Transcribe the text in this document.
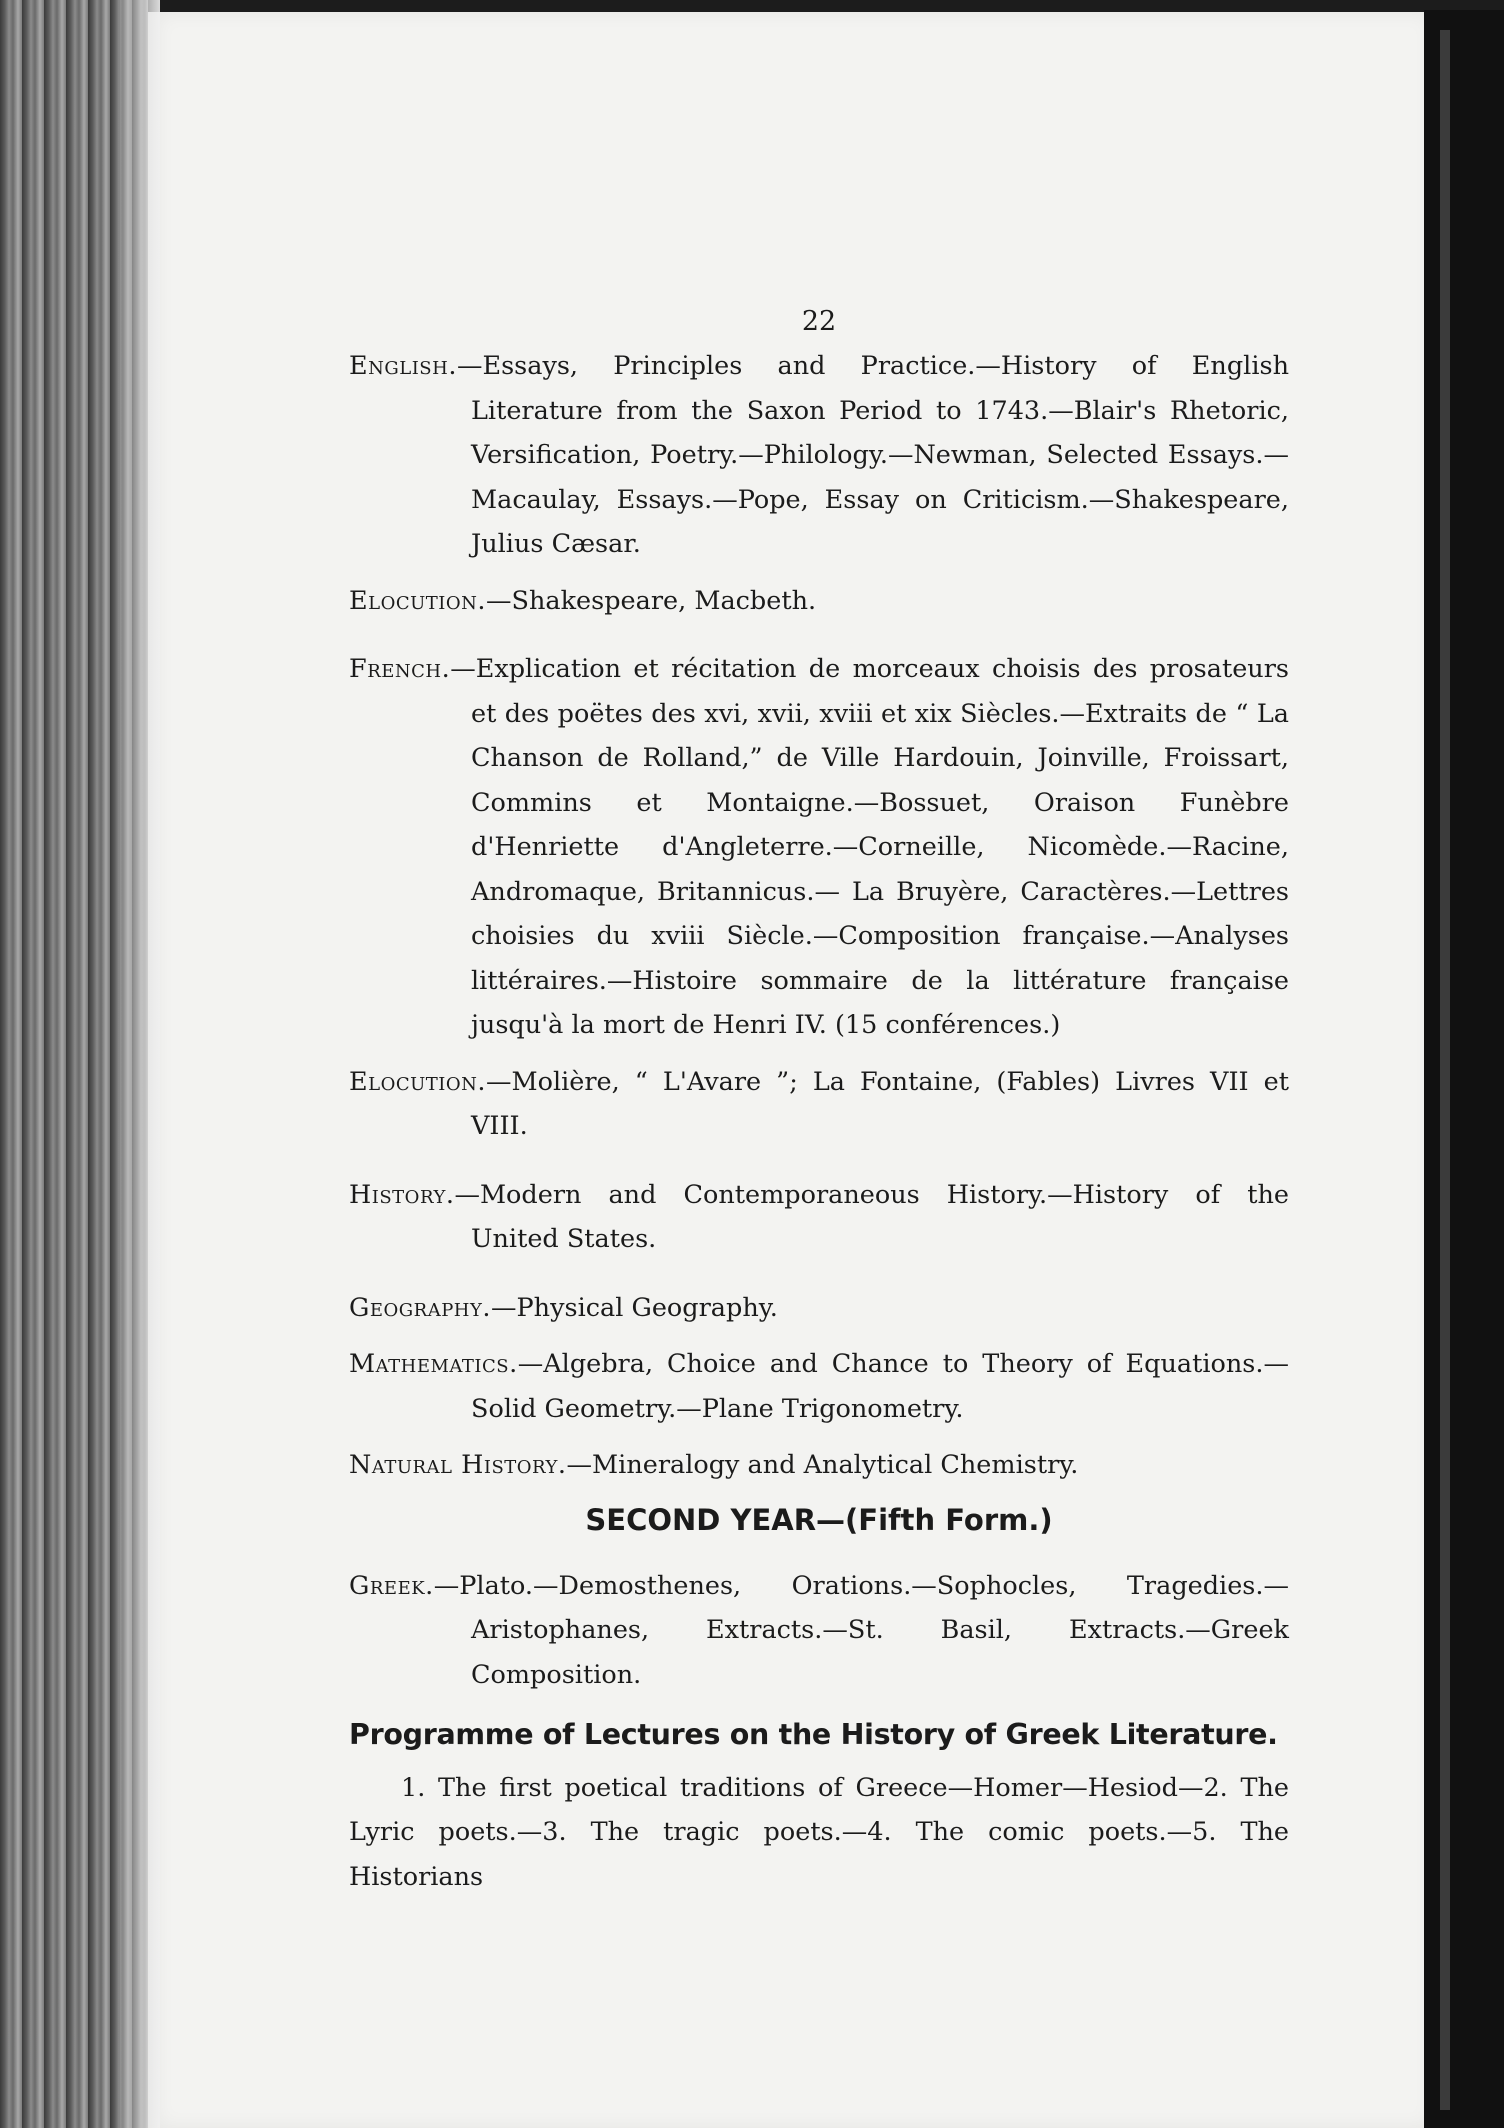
22

English.—Essays, Principles and Practice.—History of English Literature from the Saxon Period to 1743.—Blair's Rhetoric, Versification, Poetry.—Philology.—Newman, Selected Essays.—Macaulay, Essays.—Pope, Essay on Criticism.—Shakespeare, Julius Cæsar.

Elocution.—Shakespeare, Macbeth.

French.—Explication et récitation de morceaux choisis des prosateurs et des poëtes des xvi, xvii, xviii et xix Siècles.—Extraits de “ La Chanson de Rolland,” de Ville Hardouin, Joinville, Froissart, Commins et Montaigne.—Bossuet, Oraison Funèbre d'Henriette d'Angleterre.—Corneille, Nicomède.—Racine, Andromaque, Britannicus.— La Bruyère, Caractères.—Lettres choisies du xviii Siècle.—Composition française.—Analyses littéraires.—Histoire sommaire de la littérature française jusqu'à la mort de Henri IV. (15 conférences.)

Elocution.—Molière, “ L'Avare ”; La Fontaine, (Fables) Livres VII et VIII.

History.—Modern and Contemporaneous History.—History of the United States.

Geography.—Physical Geography.

Mathematics.—Algebra, Choice and Chance to Theory of Equations.— Solid Geometry.—Plane Trigonometry.

Natural History.—Mineralogy and Analytical Chemistry.

SECOND YEAR—(Fifth Form.)

Greek.—Plato.—Demosthenes, Orations.—Sophocles, Tragedies.—Aristophanes, Extracts.—St. Basil, Extracts.—Greek Composition.

Programme of Lectures on the History of Greek Literature.

1. The first poetical traditions of Greece—Homer—Hesiod—2. The Lyric poets.—3. The tragic poets.—4. The comic poets.—5. The Historians
